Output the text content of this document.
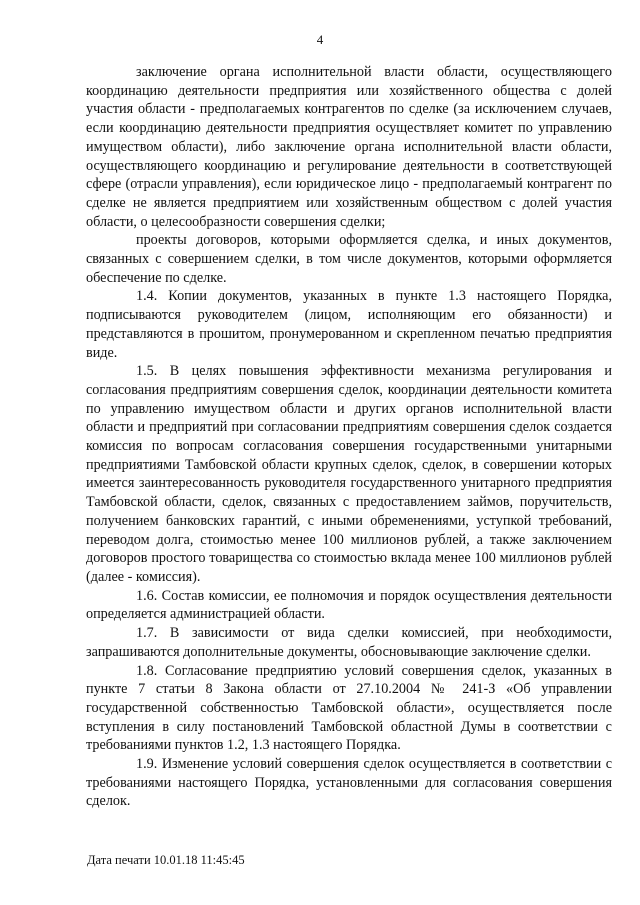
4

заключение органа исполнительной власти области, осуществляющего координацию деятельности предприятия или хозяйственного общества с долей участия области - предполагаемых контрагентов по сделке (за исключением случаев, если координацию деятельности предприятия осуществляет комитет по управлению имуществом области), либо заключение органа исполнительной власти области, осуществляющего координацию и регулирование деятельности в соответствующей сфере (отрасли управления), если юридическое лицо - предполагаемый контрагент по сделке не является предприятием или хозяйственным обществом с долей участия области, о целесообразности совершения сделки;

проекты договоров, которыми оформляется сделка, и иных документов, связанных с совершением сделки, в том числе документов, которыми оформляется обеспечение по сделке.

1.4. Копии документов, указанных в пункте 1.3 настоящего Порядка, подписываются руководителем (лицом, исполняющим его обязанности) и представляются в прошитом, пронумерованном и скрепленном печатью предприятия виде.

1.5. В целях повышения эффективности механизма регулирования и согласования предприятиям совершения сделок, координации деятельности комитета по управлению имуществом области и других органов исполнительной власти области и предприятий при согласовании предприятиям совершения сделок создается комиссия по вопросам согласования совершения государственными унитарными предприятиями Тамбовской области крупных сделок, сделок, в совершении которых имеется заинтересованность руководителя государственного унитарного предприятия Тамбовской области, сделок, связанных с предоставлением займов, поручительств, получением банковских гарантий, с иными обременениями, уступкой требований, переводом долга, стоимостью менее 100 миллионов рублей, а также заключением договоров простого товарищества со стоимостью вклада менее 100 миллионов рублей (далее - комиссия).

1.6. Состав комиссии, ее полномочия и порядок осуществления деятельности определяется администрацией области.

1.7. В зависимости от вида сделки комиссией, при необходимости, запрашиваются дополнительные документы, обосновывающие заключение сделки.

1.8. Согласование предприятию условий совершения сделок, указанных в пункте 7 статьи 8 Закона области от 27.10.2004 № 241-З «Об управлении государственной собственностью Тамбовской области», осуществляется после вступления в силу постановлений Тамбовской областной Думы в соответствии с требованиями пунктов 1.2, 1.3 настоящего Порядка.

1.9. Изменение условий совершения сделок осуществляется в соответствии с требованиями настоящего Порядка, установленными для согласования совершения сделок.

Дата печати 10.01.18 11:45:45
